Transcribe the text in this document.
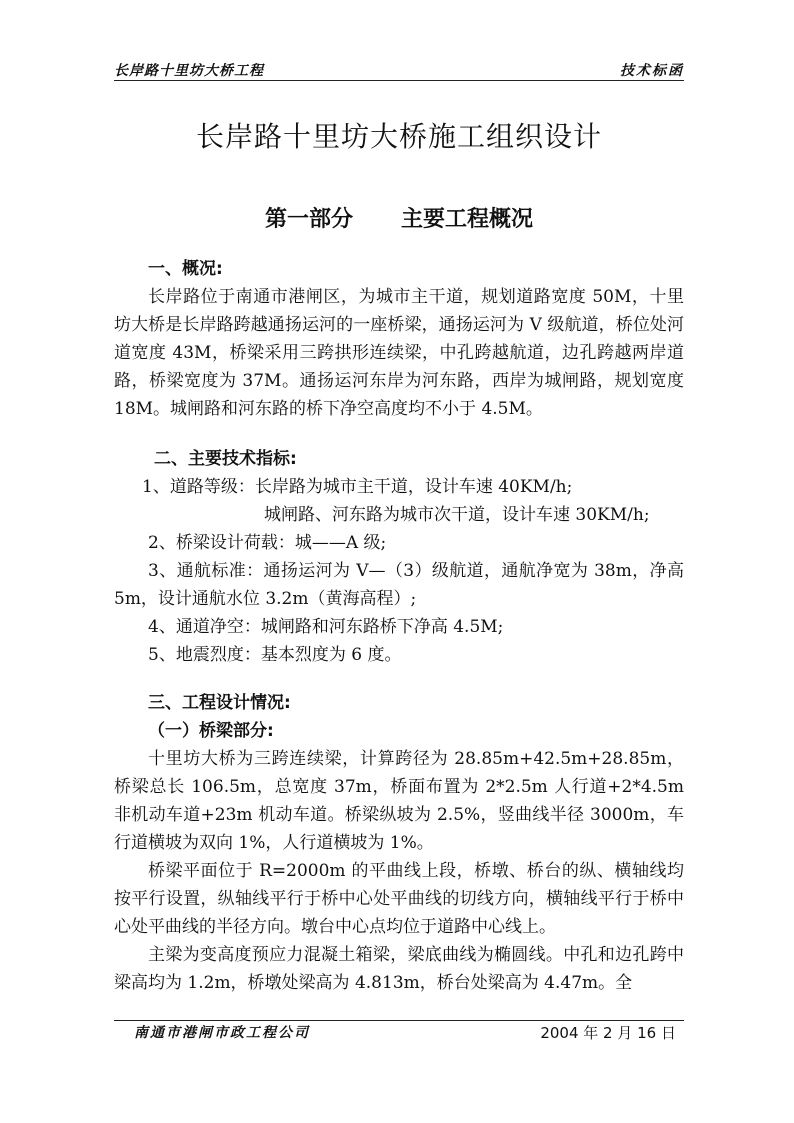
长岸路十里坊大桥工程	技术标函
长岸路十里坊大桥施工组织设计
第一部分 主要工程概况

一、概况:

长岸路位于南通市港闸区，为城市主干道，规划道路宽度 50M，十里坊大桥是长岸路跨越通扬运河的一座桥梁，通扬运河为 V 级航道，桥位处河道宽度 43M，桥梁采用三跨拱形连续梁，中孔跨越航道，边孔跨越两岸道路，桥梁宽度为 37M。通扬运河东岸为河东路，西岸为城闸路，规划宽度 18M。城闸路和河东路的桥下净空高度均不小于 4.5M。

二、主要技术指标:

1、道路等级：长岸路为城市主干道，设计车速 40KM/h;

城闸路、河东路为城市次干道，设计车速 30KM/h;

2、桥梁设计荷载：城——A 级;

3、通航标准：通扬运河为 V—（3）级航道，通航净宽为 38m，净高 5m，设计通航水位 3.2m（黄海高程）;

4、通道净空：城闸路和河东路桥下净高 4.5M;

5、地震烈度：基本烈度为 6 度。

三、工程设计情况:

（一）桥梁部分:

十里坊大桥为三跨连续梁，计算跨径为 28.85m+42.5m+28.85m，桥梁总长 106.5m，总宽度 37m，桥面布置为 2*2.5m 人行道+2*4.5m 非机动车道+23m 机动车道。桥梁纵坡为 2.5%，竖曲线半径 3000m，车行道横坡为双向 1%，人行道横坡为 1%。

桥梁平面位于 R=2000m 的平曲线上段，桥墩、桥台的纵、横轴线均按平行设置，纵轴线平行于桥中心处平曲线的切线方向，横轴线平行于桥中心处平曲线的半径方向。墩台中心点均位于道路中心线上。

主梁为变高度预应力混凝土箱梁，梁底曲线为椭圆线。中孔和边孔跨中梁高均为 1.2m，桥墩处梁高为 4.813m，桥台处梁高为 4.47m。全

南通市港闸市政工程公司	2004 年 2 月 16 日
